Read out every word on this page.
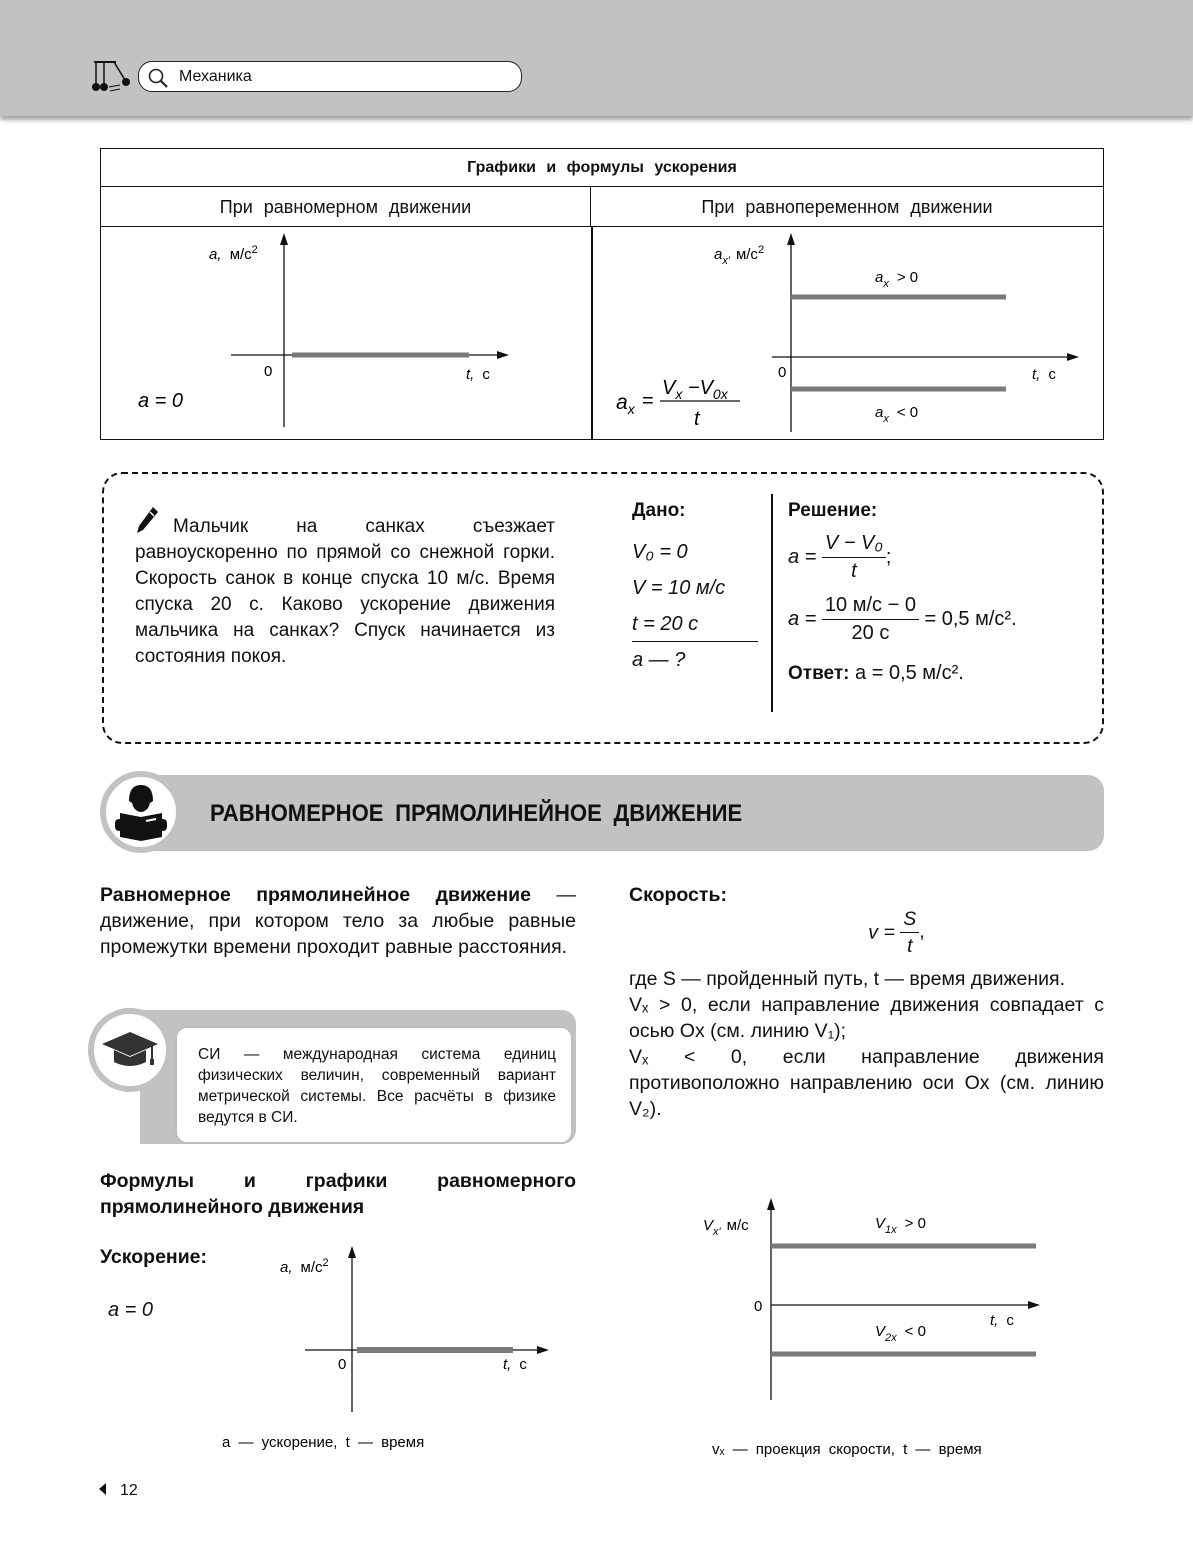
Механика
Графики и формулы ускорения
При равномерном движении	При равнопеременном движении
a, $м/с^2$
0	t, с
a = 0
$a_{x'}$ $м/с^2$
$a_x > 0$
0	t, с
$a_x < 0$
$a_x$ =
$V_x -V_{0x}$
t
Мальчик на санках съезжает равноускоренно по прямой со снежной горки. Скорость санок в конце спуска 10 м/с. Время спуска 20 с. Каково ускорение движения мальчика на санках? Спуск начинается из состояния покоя.
Дано:
V₀ = 0
V = 10 м/с
t = 20 с
a — ?
Решение:
$a = \frac{\text{V − V₀}}{t}$ ;
$a = \frac{10 м/с - 0}{20 с} = 0,5$ м/с².
Ответ: a = 0,5 м/с².
РАВНОМЕРНОЕ ПРЯМОЛИНЕЙНОЕ ДВИЖЕНИЕ
Равномерное прямолинейное движение — движение, при котором тело за любые равные промежутки времени проходит равные расстояния.
СИ — международная система единиц физических величин, современный вариант метрической системы. Все расчёты в физике ведутся в СИ.
Скорость:
$v = \frac{S}{t}$ ,
где S — пройденный путь, t — время движения.
Vₓ > 0, если направление движения совпадает с осью Ox (см. линию V₁);
Vₓ < 0, если направление движения противоположно направлению оси Ox (см. линию V₂).
Формулы и графики равномерного прямолинейного движения
Ускорение:
a = 0
a, $м/с^2$
0	t, с
a — ускорение, t — время
$V_{x'}$ м/с	$V_{1x} > 0$
0
t, с
$V_{2x} < 0$
vₓ — проекция скорости, t — время
12
